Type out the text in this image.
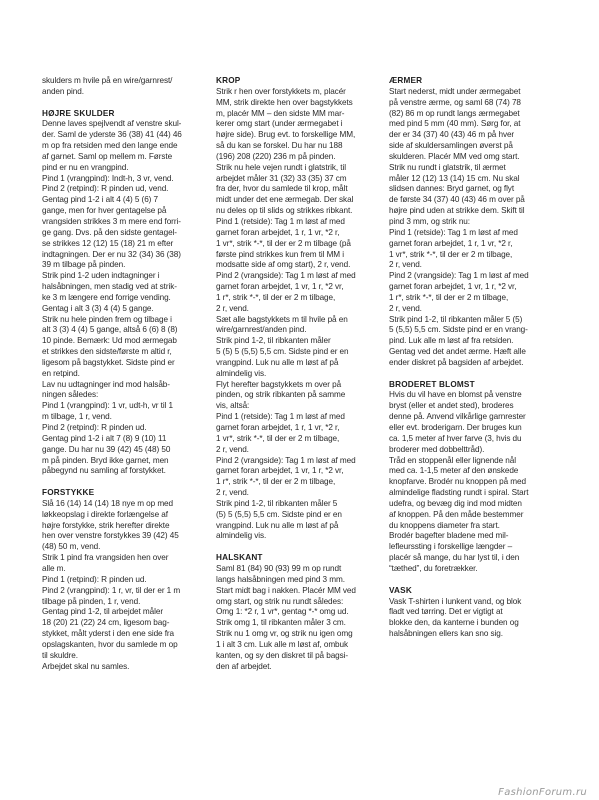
skulders m hvile på en wire/garnrest/
anden pind.
HØJRE SKULDER
Denne laves spejlvendt af venstre skul-
der. Saml de yderste 36 (38) 41 (44) 46
m op fra retsiden med den lange ende
af garnet. Saml op mellem m. Første
pind er nu en vrangpind.
Pind 1 (vrangpind): Indt-h, 3 vr, vend.
Pind 2 (retpind): R pinden ud, vend.
Gentag pind 1-2 i alt 4 (4) 5 (6) 7
gange, men for hver gentagelse på
vrangsiden strikkes 3 m mere end forri-
ge gang. Dvs. på den sidste gentagel-
se strikkes 12 (12) 15 (18) 21 m efter
indtagningen. Der er nu 32 (34) 36 (38)
39 m tilbage på pinden.
Strik pind 1-2 uden indtagninger i
halsåbningen, men stadig ved at strik-
ke 3 m længere end forrige vending.
Gentag i alt 3 (3) 4 (4) 5 gange.
Strik nu hele pinden frem og tilbage i
alt 3 (3) 4 (4) 5 gange, altså 6 (6) 8 (8)
10 pinde. Bemærk: Ud mod ærmegab
et strikkes den sidste/første m altid r,
ligesom på bagstykket. Sidste pind er
en retpind.
Lav nu udtagninger ind mod halsåb-
ningen således:
Pind 1 (vrangpind): 1 vr, udt-h, vr til 1
m tilbage, 1 r, vend.
Pind 2 (retpind): R pinden ud.
Gentag pind 1-2 i alt 7 (8) 9 (10) 11
gange. Du har nu 39 (42) 45 (48) 50
m på pinden. Bryd ikke garnet, men
påbegynd nu samling af forstykket.
FORSTYKKE
Slå 16 (14) 14 (14) 18 nye m op med
løkkeopslag i direkte forlængelse af
højre forstykke, strik herefter direkte
hen over venstre forstykkes 39 (42) 45
(48) 50 m, vend.
Strik 1 pind fra vrangsiden hen over
alle m.
Pind 1 (retpind): R pinden ud.
Pind 2 (vrangpind): 1 r, vr, til der er 1 m
tilbage på pinden, 1 r, vend.
Gentag pind 1-2, til arbejdet måler
18 (20) 21 (22) 24 cm, ligesom bag-
stykket, målt yderst i den ene side fra
opslagskanten, hvor du samlede m op
til skuldre.
Arbejdet skal nu samles.
KROP
Strik r hen over forstykkets m, placér
MM, strik direkte hen over bagstykkets
m, placér MM – den sidste MM mar-
kerer omg start (under ærmegabet i
højre side). Brug evt. to forskellige MM,
så du kan se forskel. Du har nu 188
(196) 208 (220) 236 m på pinden.
Strik nu hele vejen rundt i glatstrik, til
arbejdet måler 31 (32) 33 (35) 37 cm
fra der, hvor du samlede til krop, målt
midt under det ene ærmegab. Der skal
nu deles op til slids og strikkes ribkant.
Pind 1 (retside): Tag 1 m løst af med
garnet foran arbejdet, 1 r, 1 vr, *2 r,
1 vr*, strik *-*, til der er 2 m tilbage (på
første pind strikkes kun frem til MM i
modsatte side af omg start), 2 r, vend.
Pind 2 (vrangside): Tag 1 m løst af med
garnet foran arbejdet, 1 vr, 1 r, *2 vr,
1 r*, strik *-*, til der er 2 m tilbage,
2 r, vend.
Sæt alle bagstykkets m til hvile på en
wire/garnrest/anden pind.
Strik pind 1-2, til ribkanten måler
5 (5) 5 (5,5) 5,5 cm. Sidste pind er en
vrangpind. Luk nu alle m løst af på
almindelig vis.
Flyt herefter bagstykkets m over på
pinden, og strik ribkanten på samme
vis, altså:
Pind 1 (retside): Tag 1 m løst af med
garnet foran arbejdet, 1 r, 1 vr, *2 r,
1 vr*, strik *-*, til der er 2 m tilbage,
2 r, vend.
Pind 2 (vrangside): Tag 1 m løst af med
garnet foran arbejdet, 1 vr, 1 r, *2 vr,
1 r*, strik *-*, til der er 2 m tilbage,
2 r, vend.
Strik pind 1-2, til ribkanten måler 5
(5) 5 (5,5) 5,5 cm. Sidste pind er en
vrangpind. Luk nu alle m løst af på
almindelig vis.
HALSKANT
Saml 81 (84) 90 (93) 99 m op rundt
langs halsåbningen med pind 3 mm.
Start midt bag i nakken. Placér MM ved
omg start, og strik nu rundt således:
Omg 1: *2 r, 1 vr*, gentag *-* omg ud.
Strik omg 1, til ribkanten måler 3 cm.
Strik nu 1 omg vr, og strik nu igen omg
1 i alt 3 cm. Luk alle m løst af, ombuk
kanten, og sy den diskret til på bagsi-
den af arbejdet.
ÆRMER
Start nederst, midt under ærmegabet
på venstre ærme, og saml 68 (74) 78
(82) 86 m op rundt langs ærmegabet
med pind 5 mm (40 mm). Sørg for, at
der er 34 (37) 40 (43) 46 m på hver
side af skuldersamlingen øverst på
skulderen. Placér MM ved omg start.
Strik nu rundt i glatstrik, til ærmet
måler 12 (12) 13 (14) 15 cm. Nu skal
slidsen dannes: Bryd garnet, og flyt
de første 34 (37) 40 (43) 46 m over på
højre pind uden at strikke dem. Skift til
pind 3 mm, og strik nu:
Pind 1 (retside): Tag 1 m løst af med
garnet foran arbejdet, 1 r, 1 vr, *2 r,
1 vr*, strik *-*, til der er 2 m tilbage,
2 r, vend.
Pind 2 (vrangside): Tag 1 m løst af med
garnet foran arbejdet, 1 vr, 1 r, *2 vr,
1 r*, strik *-*, til der er 2 m tilbage,
2 r, vend.
Strik pind 1-2, til ribkanten måler 5 (5)
5 (5,5) 5,5 cm. Sidste pind er en vrang-
pind. Luk alle m løst af fra retsiden.
Gentag ved det andet ærme. Hæft alle
ender diskret på bagsiden af arbejdet.
BRODERET BLOMST
Hvis du vil have en blomst på venstre
bryst (eller et andet sted), broderes
denne på. Anvend vilkårlige garnrester
eller evt. broderigarn. Der bruges kun
ca. 1,5 meter af hver farve (3, hvis du
broderer med dobbelttråd).
Tråd en stoppenål eller lignende nål
med ca. 1-1,5 meter af den ønskede
knopfarve. Brodér nu knoppen på med
almindelige fladsting rundt i spiral. Start
udefra, og bevæg dig ind mod midten
af knoppen. På den måde bestemmer
du knoppens diameter fra start.
Brodér bagefter bladene med mil-
lefleurssting i forskellige længder –
placér så mange, du har lyst til, i den
“tæthed”, du foretrækker.
VASK
Vask T-shirten i lunkent vand, og blok
fladt ved tørring. Det er vigtigt at
blokke den, da kanterne i bunden og
halsåbningen ellers kan sno sig.
FashionForum.ru
